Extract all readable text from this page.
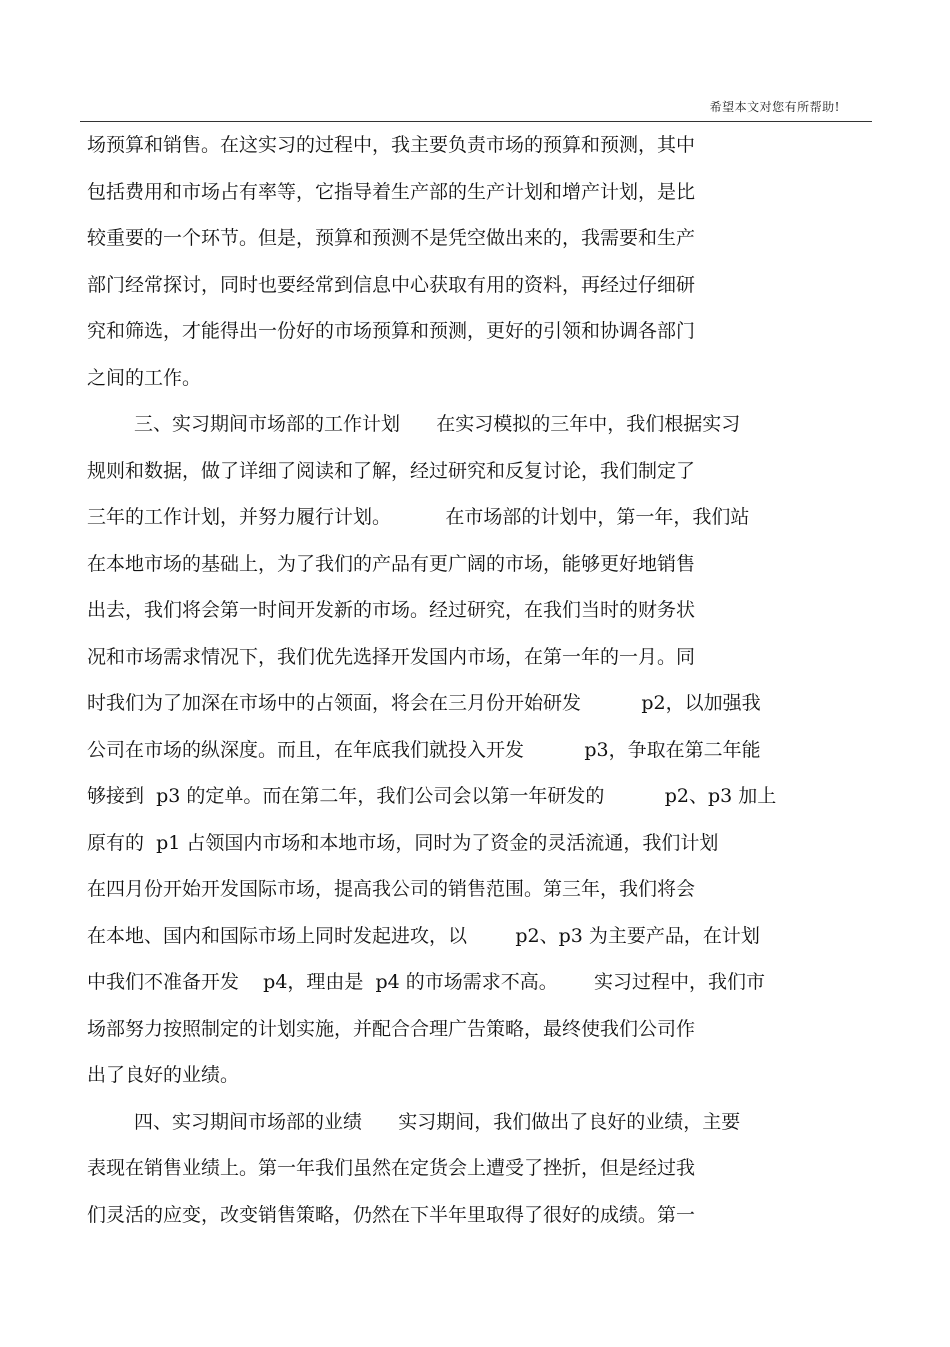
希望本文对您有所帮助!
场预算和销售。在这实习的过程中，我主要负责市场的预算和预测，其中
包括费用和市场占有率等，它指导着生产部的生产计划和增产计划，是比
较重要的一个环节。但是，预算和预测不是凭空做出来的，我需要和生产
部门经常探讨，同时也要经常到信息中心获取有用的资料，再经过仔细研
究和筛选，才能得出一份好的市场预算和预测，更好的引领和协调各部门
之间的工作。
三、实习期间市场部的工作计划      在实习模拟的三年中，我们根据实习
规则和数据，做了详细了阅读和了解，经过研究和反复讨论，我们制定了
三年的工作计划，并努力履行计划。         在市场部的计划中，第一年，我们站
在本地市场的基础上，为了我们的产品有更广阔的市场，能够更好地销售
出去，我们将会第一时间开发新的市场。经过研究，在我们当时的财务状
况和市场需求情况下，我们优先选择开发国内市场，在第一年的一月。同
时我们为了加深在市场中的占领面，将会在三月份开始研发          p2，以加强我
公司在市场的纵深度。而且，在年底我们就投入开发          p3，争取在第二年能
够接到  p3 的定单。而在第二年，我们公司会以第一年研发的          p2、p3 加上
原有的  p1 占领国内市场和本地市场，同时为了资金的灵活流通，我们计划
在四月份开始开发国际市场，提高我公司的销售范围。第三年，我们将会
在本地、国内和国际市场上同时发起进攻，以        p2、p3 为主要产品，在计划
中我们不准备开发    p4，理由是  p4 的市场需求不高。      实习过程中，我们市
场部努力按照制定的计划实施，并配合合理广告策略，最终使我们公司作
出了良好的业绩。
四、实习期间市场部的业绩      实习期间，我们做出了良好的业绩，主要
表现在销售业绩上。第一年我们虽然在定货会上遭受了挫折，但是经过我
们灵活的应变，改变销售策略，仍然在下半年里取得了很好的成绩。第一
